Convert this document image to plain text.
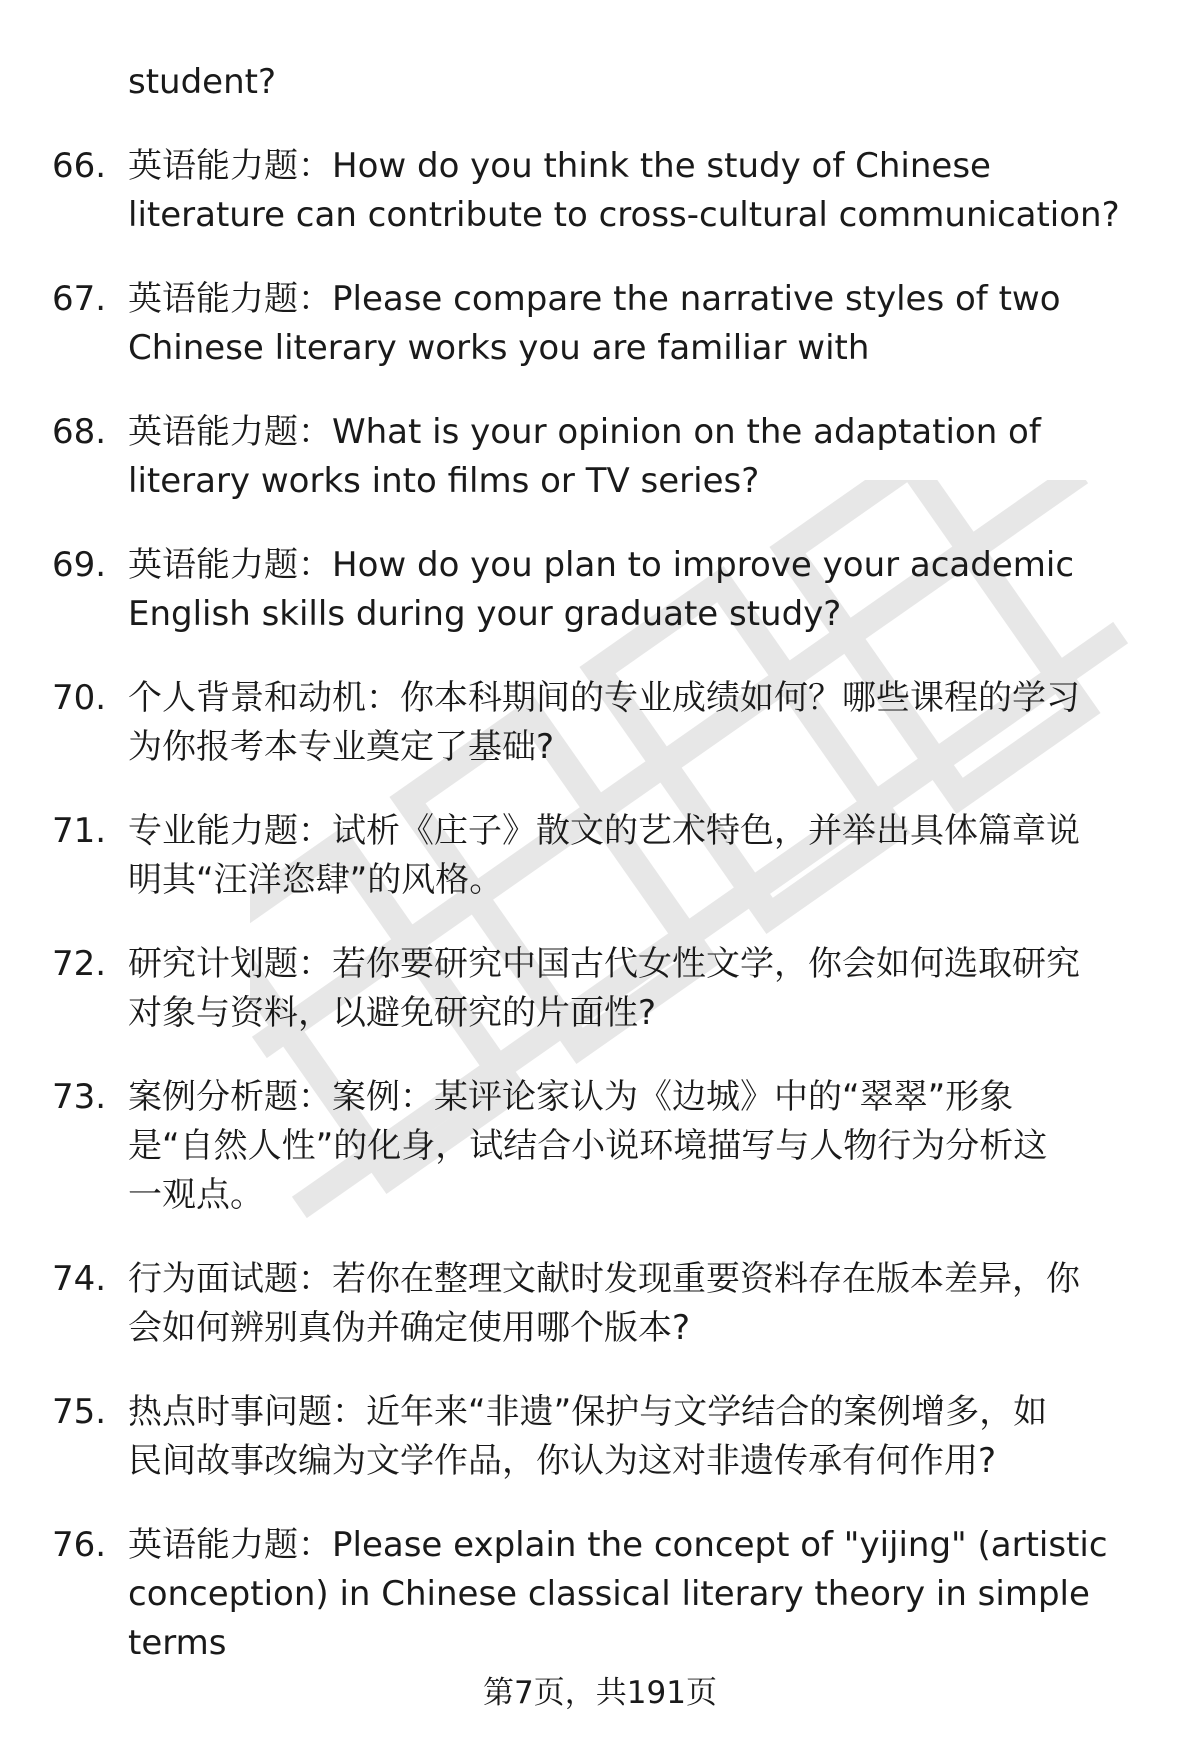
student?
66. 英语能力题：How do you think the study of Chinese
literature can contribute to cross-cultural communication?
67. 英语能力题：Please compare the narrative styles of two
Chinese literary works you are familiar with
68. 英语能力题：What is your opinion on the adaptation of
literary works into films or TV series?
69. 英语能力题：How do you plan to improve your academic
English skills during your graduate study?
70. 个人背景和动机：你本科期间的专业成绩如何？哪些课程的学习
为你报考本专业奠定了基础?
71. 专业能力题：试析《庄子》散文的艺术特色，并举出具体篇章说
明其“汪洋恣肆”的风格。
72. 研究计划题：若你要研究中国古代女性文学，你会如何选取研究
对象与资料，以避免研究的片面性?
73. 案例分析题：案例：某评论家认为《边城》中的“翠翠”形象
是“自然人性”的化身，试结合小说环境描写与人物行为分析这
一观点。
74. 行为面试题：若你在整理文献时发现重要资料存在版本差异，你
会如何辨别真伪并确定使用哪个版本?
75. 热点时事问题：近年来“非遗”保护与文学结合的案例增多，如
民间故事改编为文学作品，你认为这对非遗传承有何作用?
76. 英语能力题：Please explain the concept of "yijing" (artistic
conception) in Chinese classical literary theory in simple
terms
第7页，共191页
